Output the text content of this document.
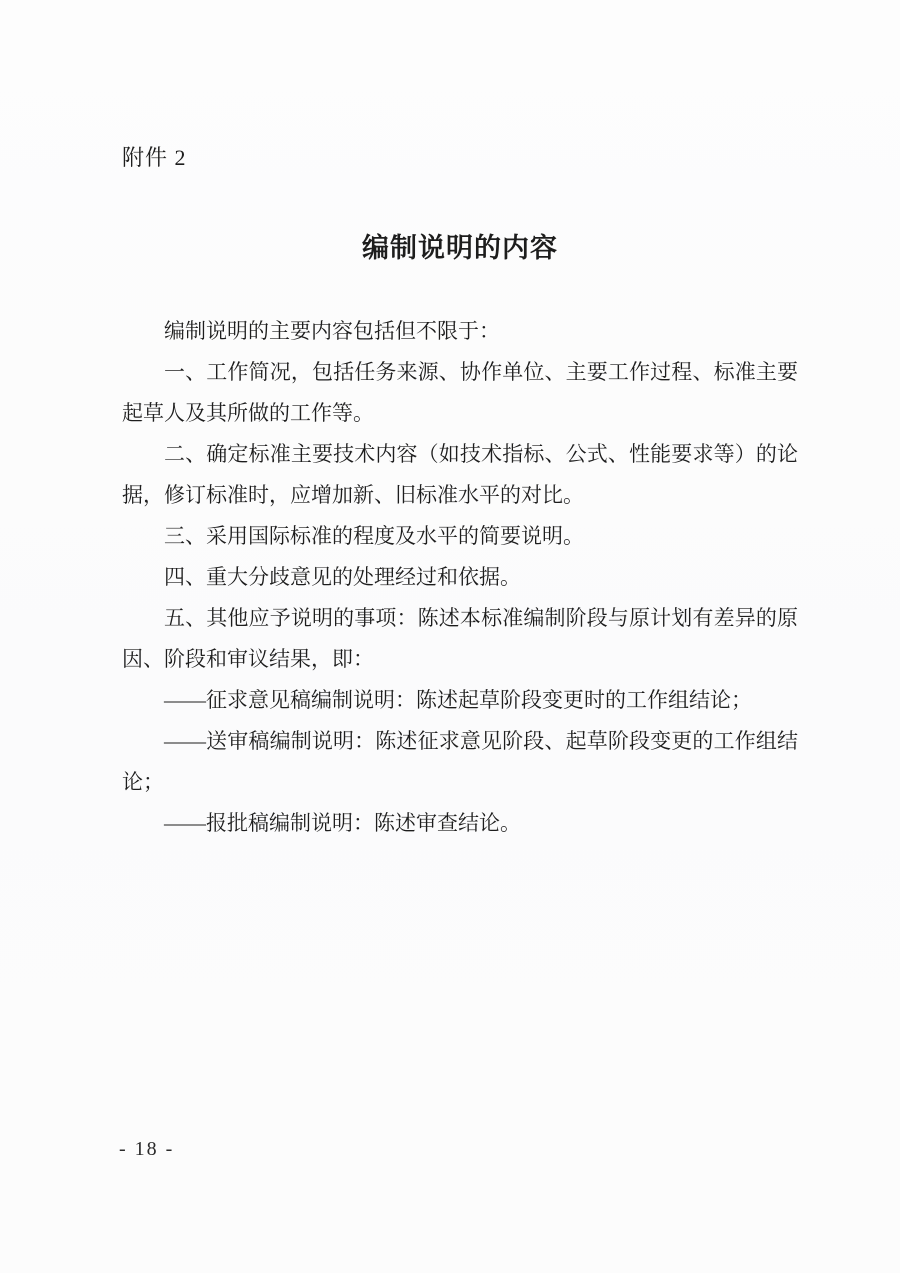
附件 2
编制说明的内容

编制说明的主要内容包括但不限于：

一、工作简况，包括任务来源、协作单位、主要工作过程、标准主要起草人及其所做的工作等。

二、确定标准主要技术内容（如技术指标、公式、性能要求等）的论据，修订标准时，应增加新、旧标准水平的对比。

三、采用国际标准的程度及水平的简要说明。

四、重大分歧意见的处理经过和依据。

五、其他应予说明的事项：陈述本标准编制阶段与原计划有差异的原因、阶段和审议结果，即：

——征求意见稿编制说明：陈述起草阶段变更时的工作组结论；

——送审稿编制说明：陈述征求意见阶段、起草阶段变更的工作组结论；

——报批稿编制说明：陈述审查结论。

- 18 -
